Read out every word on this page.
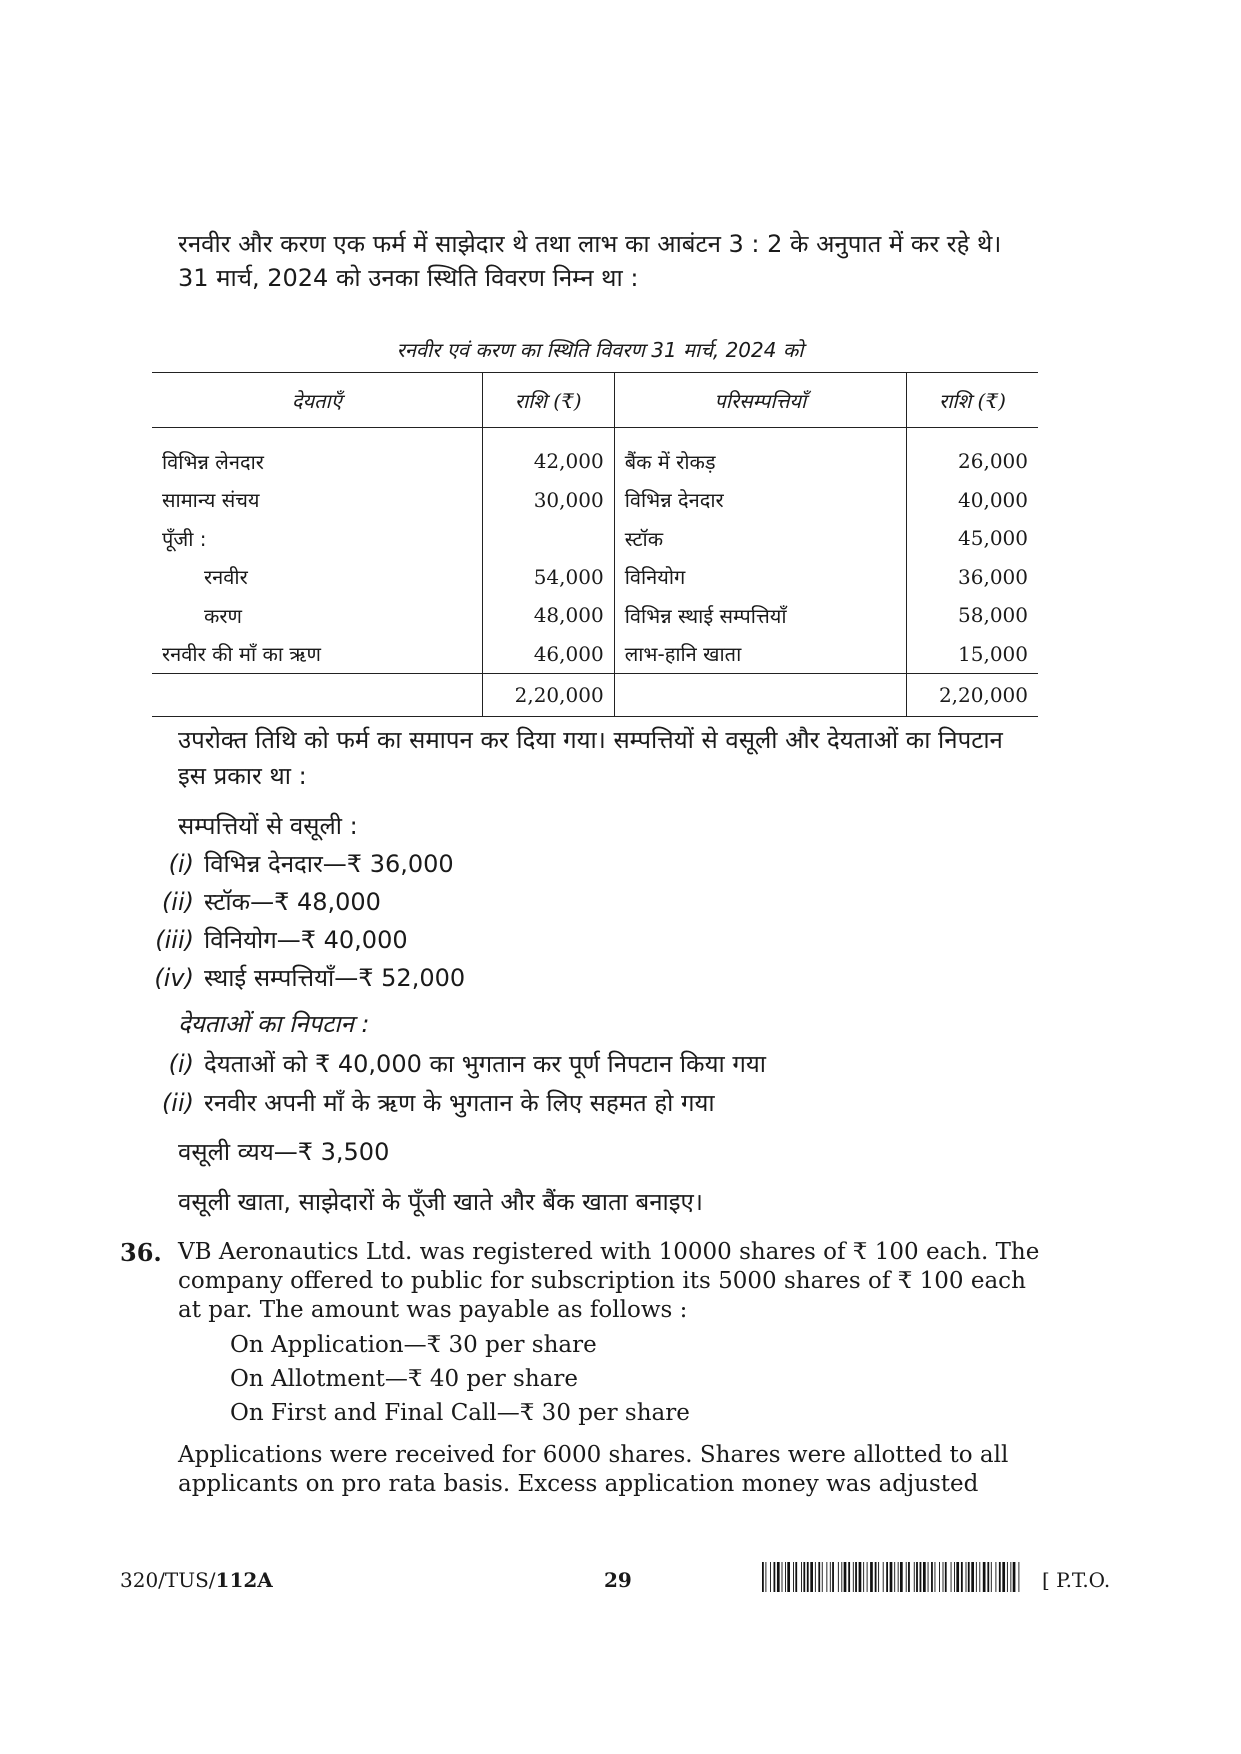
रनवीर और करण एक फर्म में साझेदार थे तथा लाभ का आबंटन 3 : 2 के अनुपात में कर रहे थे।
31 मार्च, 2024 को उनका स्थिति विवरण निम्न था :
रनवीर एवं करण का स्थिति विवरण 31 मार्च, 2024 को
देयताएँ	राशि (₹)	परिसम्पत्तियाँ	राशि (₹)
विभिन्न लेनदार	42,000	बैंक में रोकड़	26,000
सामान्य संचय	30,000	विभिन्न देनदार	40,000
पूँजी :		स्टॉक	45,000
रनवीर	54,000	विनियोग	36,000
करण	48,000	विभिन्न स्थाई सम्पत्तियाँ	58,000
रनवीर की माँ का ऋण	46,000	लाभ-हानि खाता	15,000
	2,20,000		2,20,000
उपरोक्त तिथि को फर्म का समापन कर दिया गया। सम्पत्तियों से वसूली और देयताओं का निपटान
इस प्रकार था :
सम्पत्तियों से वसूली :
(i) विभिन्न देनदार—₹ 36,000
(ii) स्टॉक—₹ 48,000
(iii) विनियोग—₹ 40,000
(iv) स्थाई सम्पत्तियाँ—₹ 52,000
देयताओं का निपटान :
(i) देयताओं को ₹ 40,000 का भुगतान कर पूर्ण निपटान किया गया
(ii) रनवीर अपनी माँ के ऋण के भुगतान के लिए सहमत हो गया
वसूली व्यय—₹ 3,500
वसूली खाता, साझेदारों के पूँजी खाते और बैंक खाता बनाइए।
36. VB Aeronautics Ltd. was registered with 10000 shares of ₹ 100 each. The
company offered to public for subscription its 5000 shares of ₹ 100 each
at par. The amount was payable as follows :
On Application—₹ 30 per share
On Allotment—₹ 40 per share
On First and Final Call—₹ 30 per share
Applications were received for 6000 shares. Shares were allotted to all
applicants on pro rata basis. Excess application money was adjusted
320/TUS/112A	29	[ P.T.O.
